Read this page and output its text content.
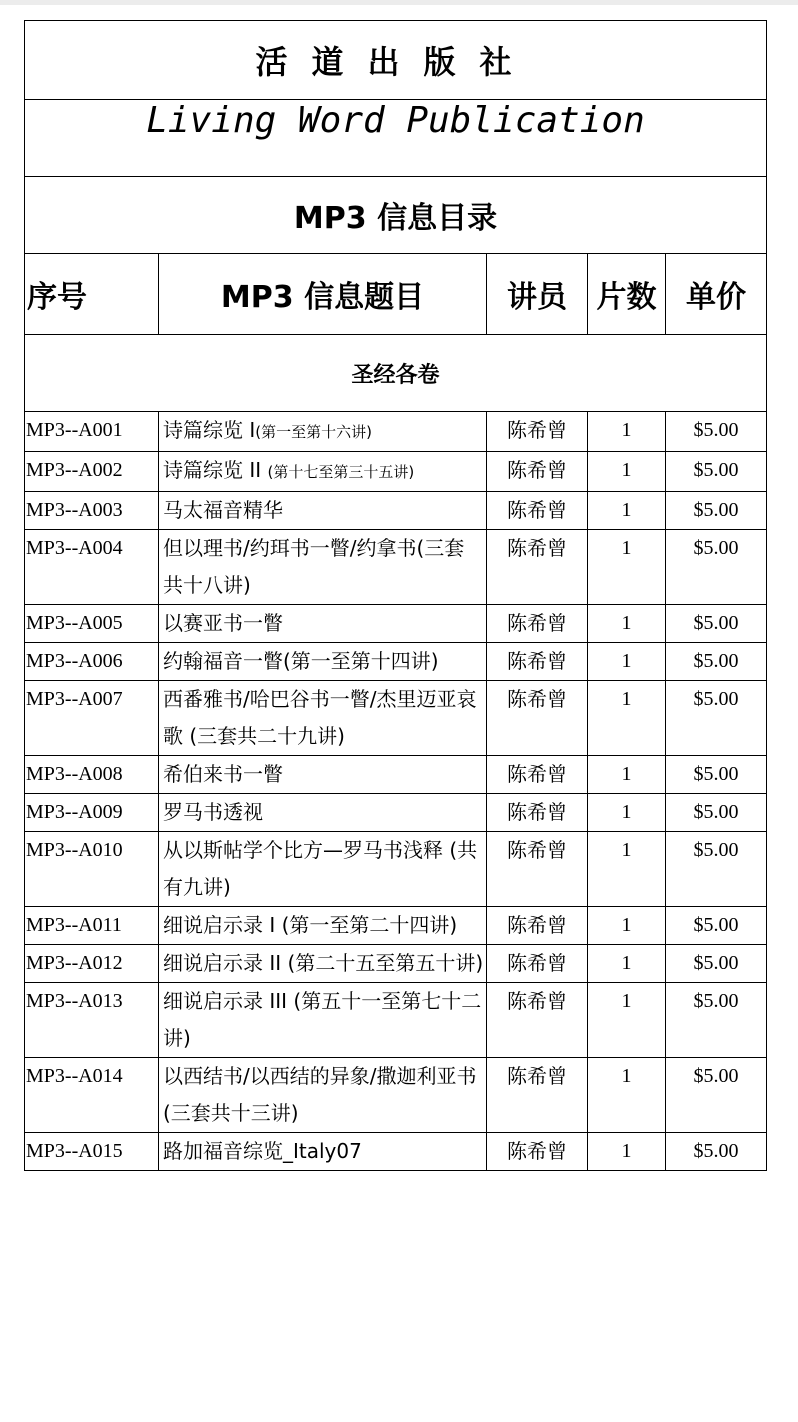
活道出版社				
Living Word Publication				
MP3 信息目录				
序号	MP3 信息题目	讲员	片数	单价
圣经各卷				
MP3--A001	诗篇综览 I(第一至第十六讲)	陈希曾	1	$5.00
MP3--A002	诗篇综览 II (第十七至第三十五讲)	陈希曾	1	$5.00
MP3--A003	马太福音精华	陈希曾	1	$5.00
MP3--A004	但以理书/约珥书一瞥/约拿书(三套共十八讲)	陈希曾	1	$5.00
MP3--A005	以赛亚书一瞥	陈希曾	1	$5.00
MP3--A006	约翰福音一瞥(第一至第十四讲)	陈希曾	1	$5.00
MP3--A007	西番雅书/哈巴谷书一瞥/杰里迈亚哀歌 (三套共二十九讲)	陈希曾	1	$5.00
MP3--A008	希伯来书一瞥	陈希曾	1	$5.00
MP3--A009	罗马书透视	陈希曾	1	$5.00
MP3--A010	从以斯帖学个比方—罗马书浅释 (共有九讲)	陈希曾	1	$5.00
MP3--A011	细说启示录 I (第一至第二十四讲)	陈希曾	1	$5.00
MP3--A012	细说启示录 II (第二十五至第五十讲)	陈希曾	1	$5.00
MP3--A013	细说启示录 III (第五十一至第七十二讲)	陈希曾	1	$5.00
MP3--A014	以西结书/以西结的异象/撒迦利亚书 (三套共十三讲)	陈希曾	1	$5.00
MP3--A015	路加福音综览_Italy07	陈希曾	1	$5.00
